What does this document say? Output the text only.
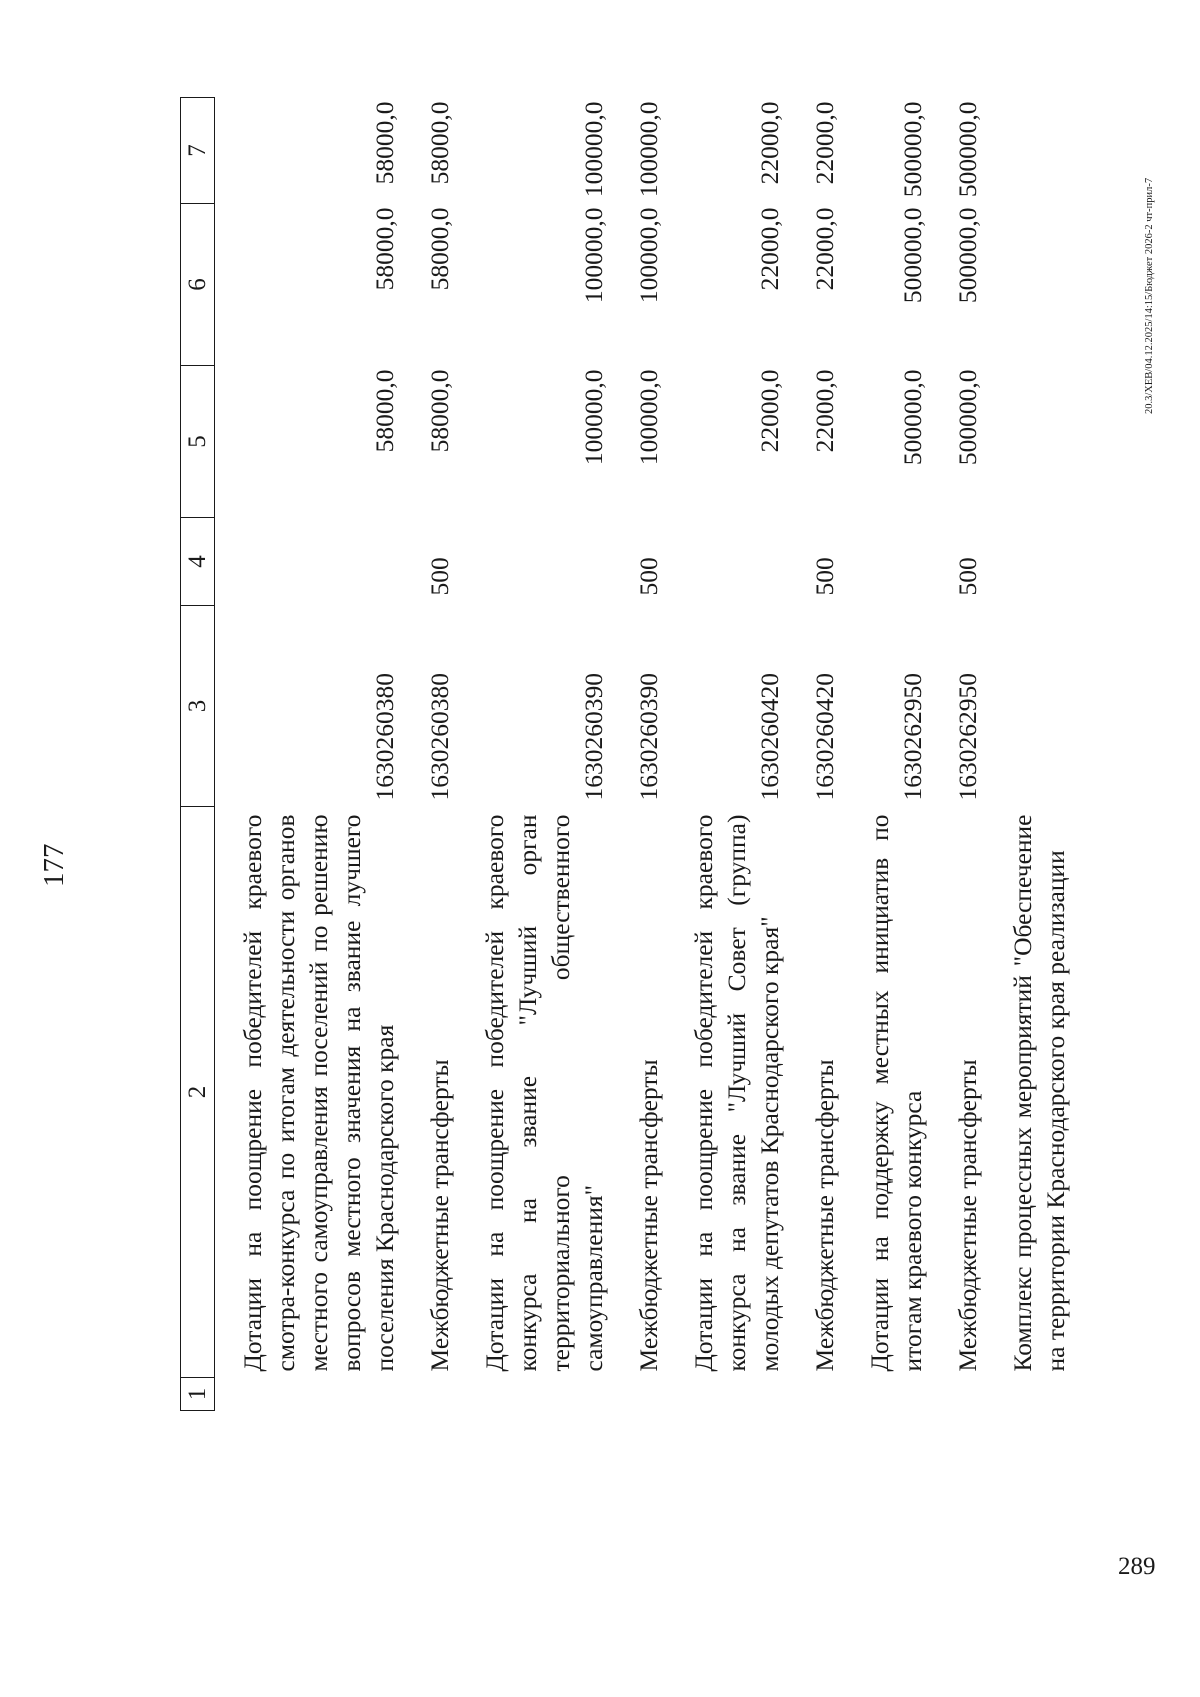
289
177
1	2	3	4	5	6	7
	Дотации на поощрение победителей краевого смотра-конкурса по итогам деятельности органов местного самоуправления поселений по решению вопросов местного значения на звание лучшего поселения Краснодарского края	1630260380		58000,0	58000,0	58000,0
	Межбюджетные трансферты	1630260380	500	58000,0	58000,0	58000,0
	Дотации на поощрение победителей краевого конкурса на звание "Лучший орган территориального общественного самоуправления"	1630260390		100000,0	100000,0	100000,0
	Межбюджетные трансферты	1630260390	500	100000,0	100000,0	100000,0
	Дотации на поощрение победителей краевого конкурса на звание "Лучший Совет (группа) молодых депутатов Краснодарского края"	1630260420		22000,0	22000,0	22000,0
	Межбюджетные трансферты	1630260420	500	22000,0	22000,0	22000,0
	Дотации на поддержку местных инициатив по итогам краевого конкурса	1630262950		500000,0	500000,0	500000,0
	Межбюджетные трансферты	1630262950	500	500000,0	500000,0	500000,0
	Комплекс процессных мероприятий "Обеспечение на территории Краснодарского края реализации					
20.3/ХЕВ/04.12.2025/14:15/Бюджет 2026-2 чт-прил-7
